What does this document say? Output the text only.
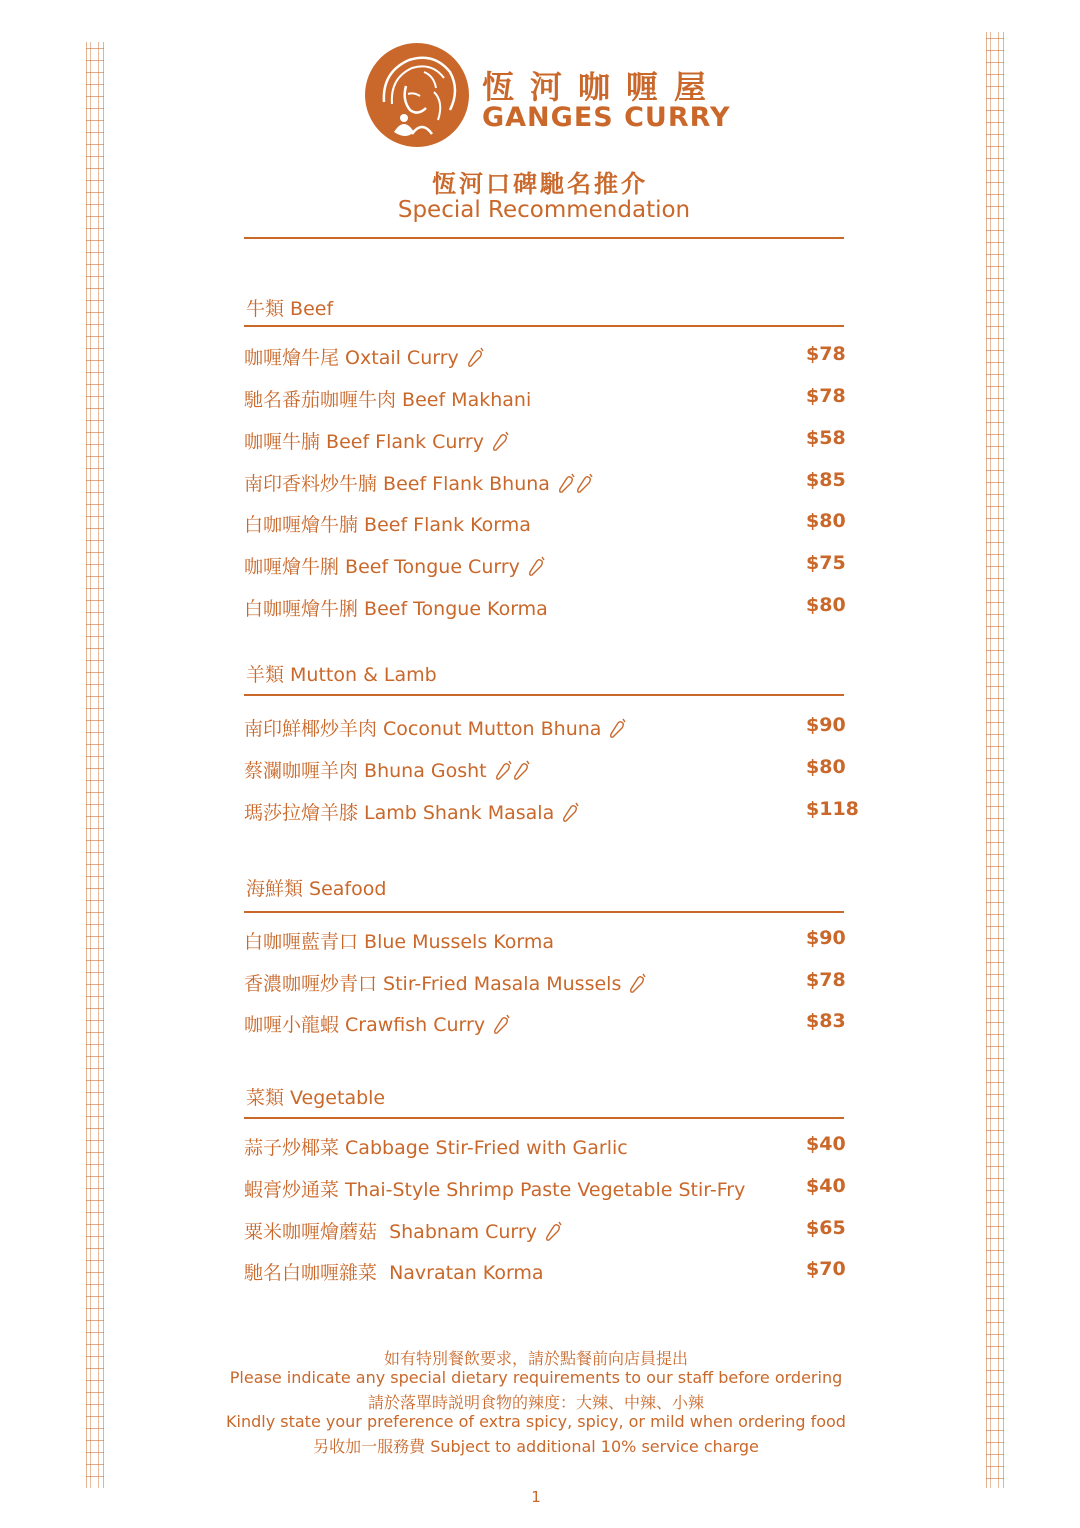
恆河咖喱屋
GANGES CURRY
恆河口碑馳名推介
Special Recommendation
牛類 Beef
咖喱燴牛尾 Oxtail Curry	$78
馳名番茄咖喱牛肉 Beef Makhani	$78
咖喱牛腩 Beef Flank Curry	$58
南印香料炒牛腩 Beef Flank Bhuna	$85
白咖喱燴牛腩 Beef Flank Korma	$80
咖喱燴牛脷 Beef Tongue Curry	$75
白咖喱燴牛脷 Beef Tongue Korma	$80
羊類 Mutton & Lamb
南印鮮椰炒羊肉 Coconut Mutton Bhuna	$90
蔡瀾咖喱羊肉 Bhuna Gosht	$80
瑪莎拉燴羊膝 Lamb Shank Masala	$118
海鮮類 Seafood
白咖喱藍青口 Blue Mussels Korma	$90
香濃咖喱炒青口 Stir-Fried Masala Mussels	$78
咖喱小龍蝦 Crawfish Curry	$83
菜類 Vegetable
蒜子炒椰菜 Cabbage Stir-Fried with Garlic	$40
蝦膏炒通菜 Thai-Style Shrimp Paste Vegetable Stir-Fry	$40
粟米咖喱燴蘑菇  Shabnam Curry	$65
馳名白咖喱雜菜  Navratan Korma	$70
如有特別餐飲要求，請於點餐前向店員提出
Please indicate any special dietary requirements to our staff before ordering
請於落單時説明食物的辣度：大辣、中辣、小辣
Kindly state your preference of extra spicy, spicy, or mild when ordering food
另收加一服務費 Subject to additional 10% service charge
1
